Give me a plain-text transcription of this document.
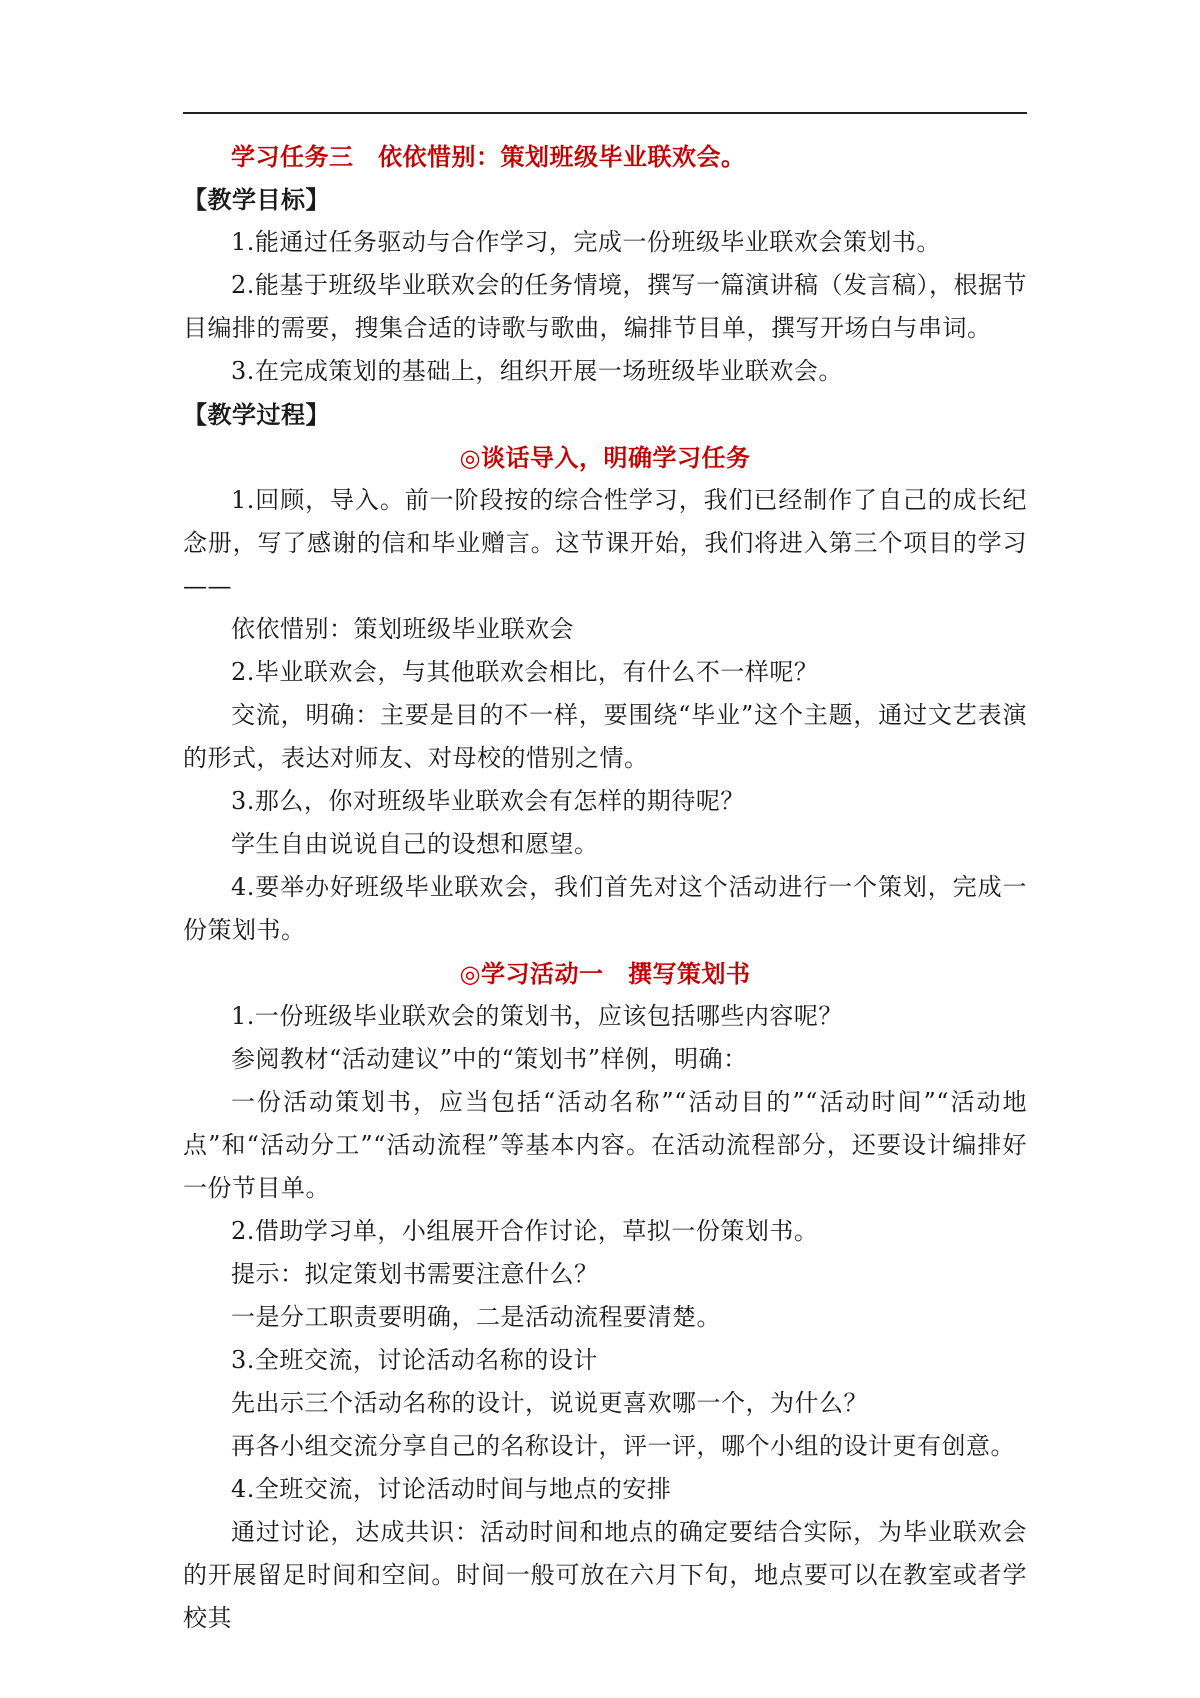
学习任务三　依依惜别：策划班级毕业联欢会。

【教学目标】

1.能通过任务驱动与合作学习，完成一份班级毕业联欢会策划书。

2.能基于班级毕业联欢会的任务情境，撰写一篇演讲稿（发言稿），根据节目编排的需要，搜集合适的诗歌与歌曲，编排节目单，撰写开场白与串词。

3.在完成策划的基础上，组织开展一场班级毕业联欢会。

【教学过程】

◎谈话导入，明确学习任务

1.回顾，导入。前一阶段按的综合性学习，我们已经制作了自己的成长纪念册，写了感谢的信和毕业赠言。这节课开始，我们将进入第三个项目的学习——

依依惜别：策划班级毕业联欢会

2.毕业联欢会，与其他联欢会相比，有什么不一样呢？

交流，明确：主要是目的不一样，要围绕“毕业”这个主题，通过文艺表演的形式，表达对师友、对母校的惜别之情。

3.那么，你对班级毕业联欢会有怎样的期待呢？

学生自由说说自己的设想和愿望。

4.要举办好班级毕业联欢会，我们首先对这个活动进行一个策划，完成一份策划书。

◎学习活动一　撰写策划书

1.一份班级毕业联欢会的策划书，应该包括哪些内容呢？

参阅教材“活动建议”中的“策划书”样例，明确：

一份活动策划书，应当包括“活动名称”“活动目的”“活动时间”“活动地点”和“活动分工”“活动流程”等基本内容。在活动流程部分，还要设计编排好一份节目单。

2.借助学习单，小组展开合作讨论，草拟一份策划书。

提示：拟定策划书需要注意什么？

一是分工职责要明确，二是活动流程要清楚。

3.全班交流，讨论活动名称的设计

先出示三个活动名称的设计，说说更喜欢哪一个，为什么？

再各小组交流分享自己的名称设计，评一评，哪个小组的设计更有创意。

4.全班交流，讨论活动时间与地点的安排

通过讨论，达成共识：活动时间和地点的确定要结合实际，为毕业联欢会的开展留足时间和空间。时间一般可放在六月下旬，地点要可以在教室或者学校其
